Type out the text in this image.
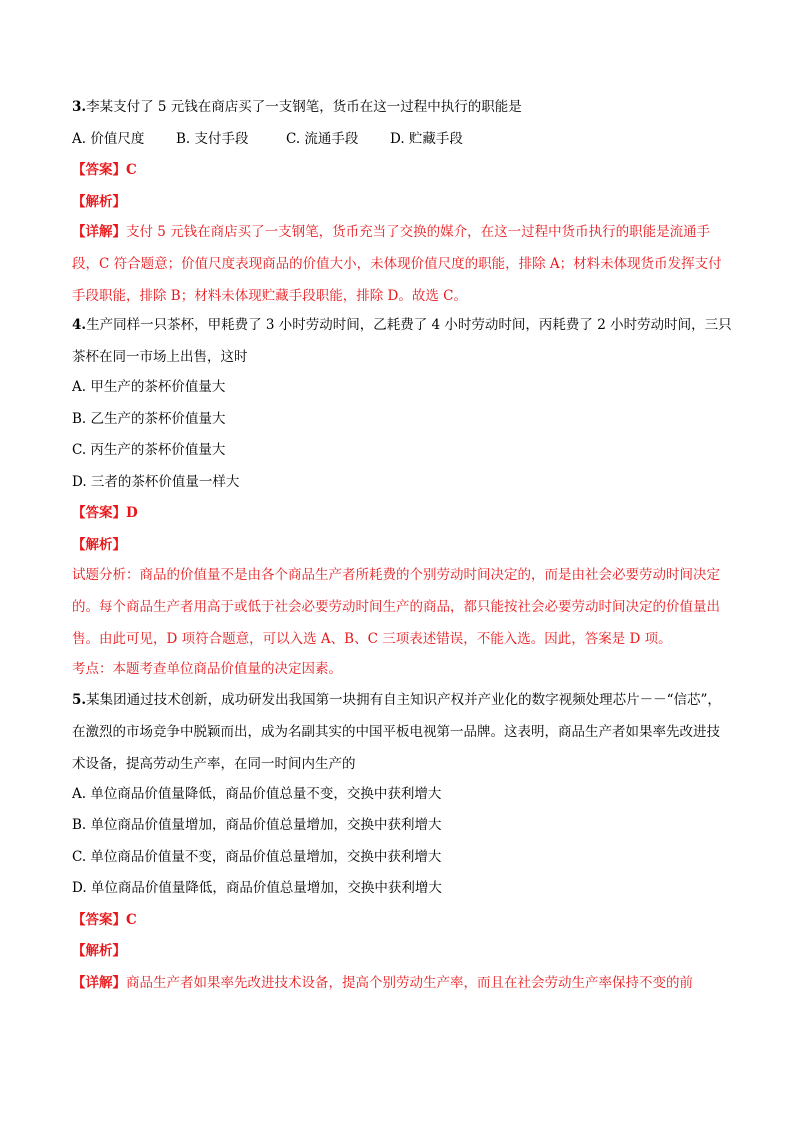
3.李某支付了 5 元钱在商店买了一支钢笔，货币在这一过程中执行的职能是
A. 价值尺度 B. 支付手段	C. 流通手段 D. 贮藏手段
【答案】C
【解析】
【详解】支付 5 元钱在商店买了一支钢笔，货币充当了交换的媒介，在这一过程中货币执行的职能是流通手段，C 符合题意；价值尺度表现商品的价值大小，未体现价值尺度的职能，排除 A；材料未体现货币发挥支付手段职能，排除 B；材料未体现贮藏手段职能，排除 D。故选 C。
4.生产同样一只茶杯，甲耗费了 3 小时劳动时间，乙耗费了 4 小时劳动时间，丙耗费了 2 小时劳动时间，三只茶杯在同一市场上出售，这时
A. 甲生产的茶杯价值量大
B. 乙生产的茶杯价值量大
C. 丙生产的茶杯价值量大
D. 三者的茶杯价值量一样大
【答案】D
【解析】
试题分析：商品的价值量不是由各个商品生产者所耗费的个别劳动时间决定的，而是由社会必要劳动时间决定的。每个商品生产者用高于或低于社会必要劳动时间生产的商品，都只能按社会必要劳动时间决定的价值量出售。由此可见，D 项符合题意，可以入选 A、B、C 三项表述错误，不能入选。因此，答案是 D 项。
考点：本题考查单位商品价值量的决定因素。
5.某集团通过技术创新，成功研发出我国第一块拥有自主知识产权并产业化的数字视频处理芯片－－“信芯”，在激烈的市场竞争中脱颖而出，成为名副其实的中国平板电视第一品牌。这表明，商品生产者如果率先改进技术设备，提高劳动生产率，在同一时间内生产的
A. 单位商品价值量降低，商品价值总量不变，交换中获利增大
B. 单位商品价值量增加，商品价值总量增加，交换中获利增大
C. 单位商品价值量不变，商品价值总量增加，交换中获利增大
D. 单位商品价值量降低，商品价值总量增加，交换中获利增大
【答案】C
【解析】
【详解】商品生产者如果率先改进技术设备，提高个别劳动生产率，而且在社会劳动生产率保持不变的前
